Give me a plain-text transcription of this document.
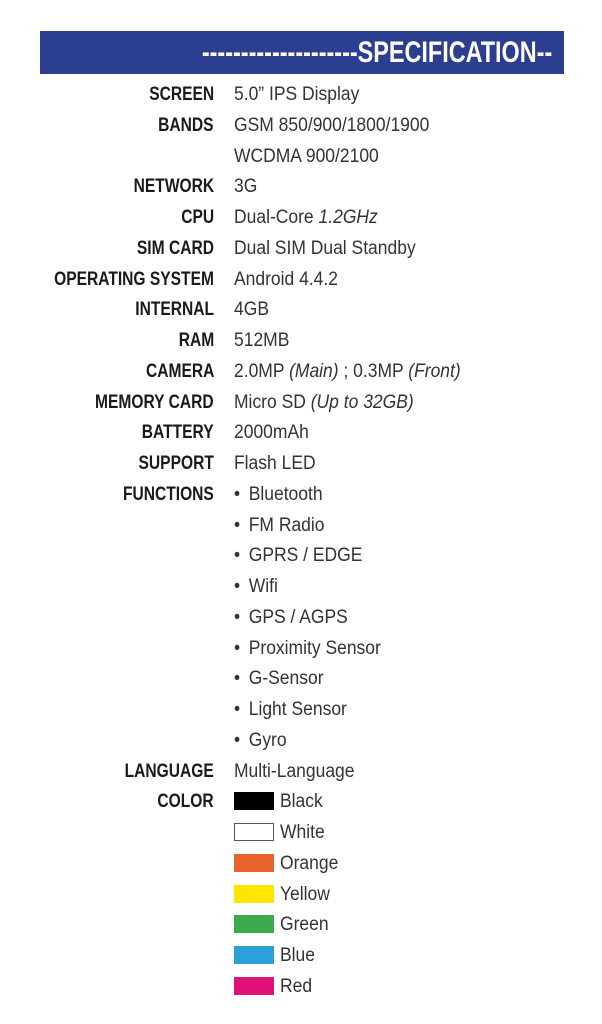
--------------------SPECIFICATION--
SCREEN 5.0” IPS Display
BANDS GSM 850/900/1800/1900
WCDMA 900/2100
NETWORK 3G
CPU Dual-Core 1.2GHz
SIM CARD Dual SIM Dual Standby
OPERATING SYSTEM Android 4.4.2
INTERNAL 4GB
RAM 512MB
CAMERA 2.0MP (Main) ; 0.3MP (Front)
MEMORY CARD Micro SD (Up to 32GB)
BATTERY 2000mAh
SUPPORT Flash LED
FUNCTIONS • Bluetooth
• FM Radio
• GPRS / EDGE
• Wifi
• GPS / AGPS
• Proximity Sensor
• G-Sensor
• Light Sensor
• Gyro
LANGUAGE Multi-Language
COLOR	Black
White
Orange
Yellow
Green
Blue
Red
